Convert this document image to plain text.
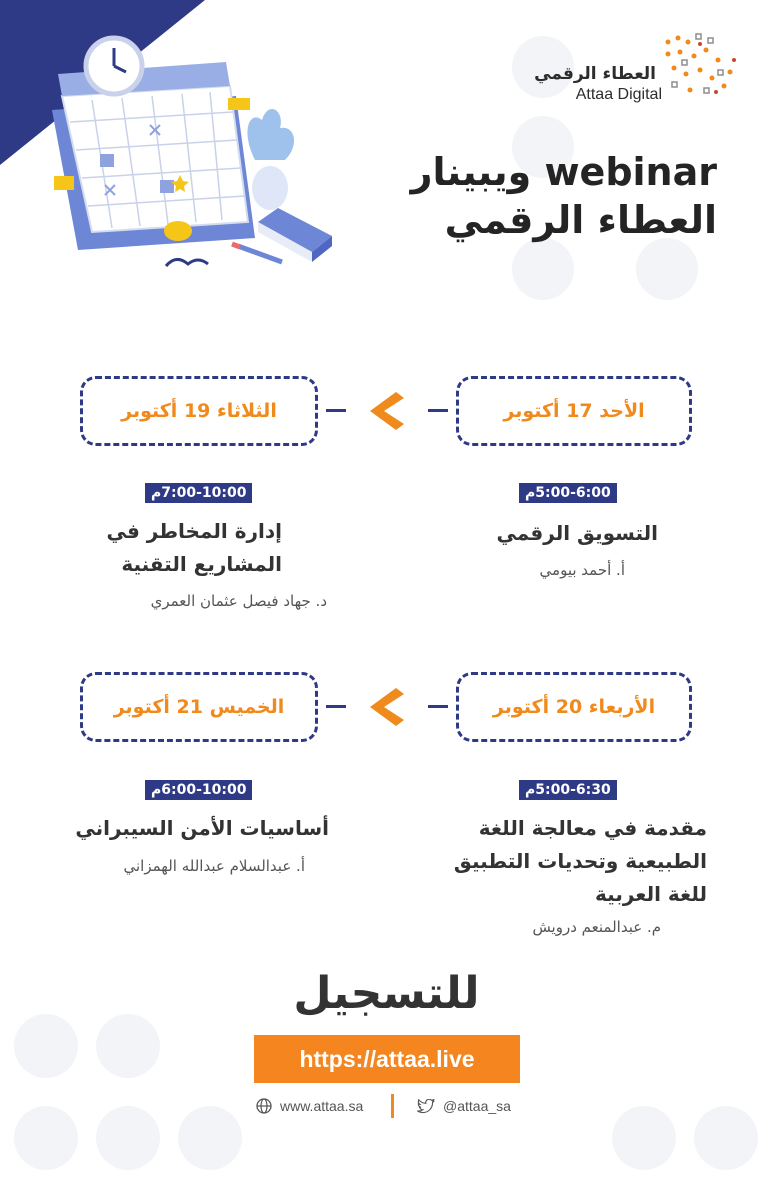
العطاء الرقمي
Attaa Digital
webinar ويبينار
العطاء الرقمي
الأحد 17 أكتوبر
الثلاثاء 19 أكتوبر
5:00-6:00م
التسويق الرقمي
أ. أحمد بيومي
7:00-10:00م
إدارة المخاطر في
المشاريع التقنية
د. جهاد فيصل عثمان العمري
الأربعاء 20 أكتوبر
الخميس 21 أكتوبر
5:00-6:30م
مقدمة في معالجة اللغة
الطبيعية وتحديات التطبيق
للغة العربية
م. عبدالمنعم درويش
6:00-10:00م
أساسيات الأمن السيبراني
أ. عبدالسلام عبدالله الهمزاني
للتسجيل
https://attaa.live
www.attaa.sa	@attaa_sa
